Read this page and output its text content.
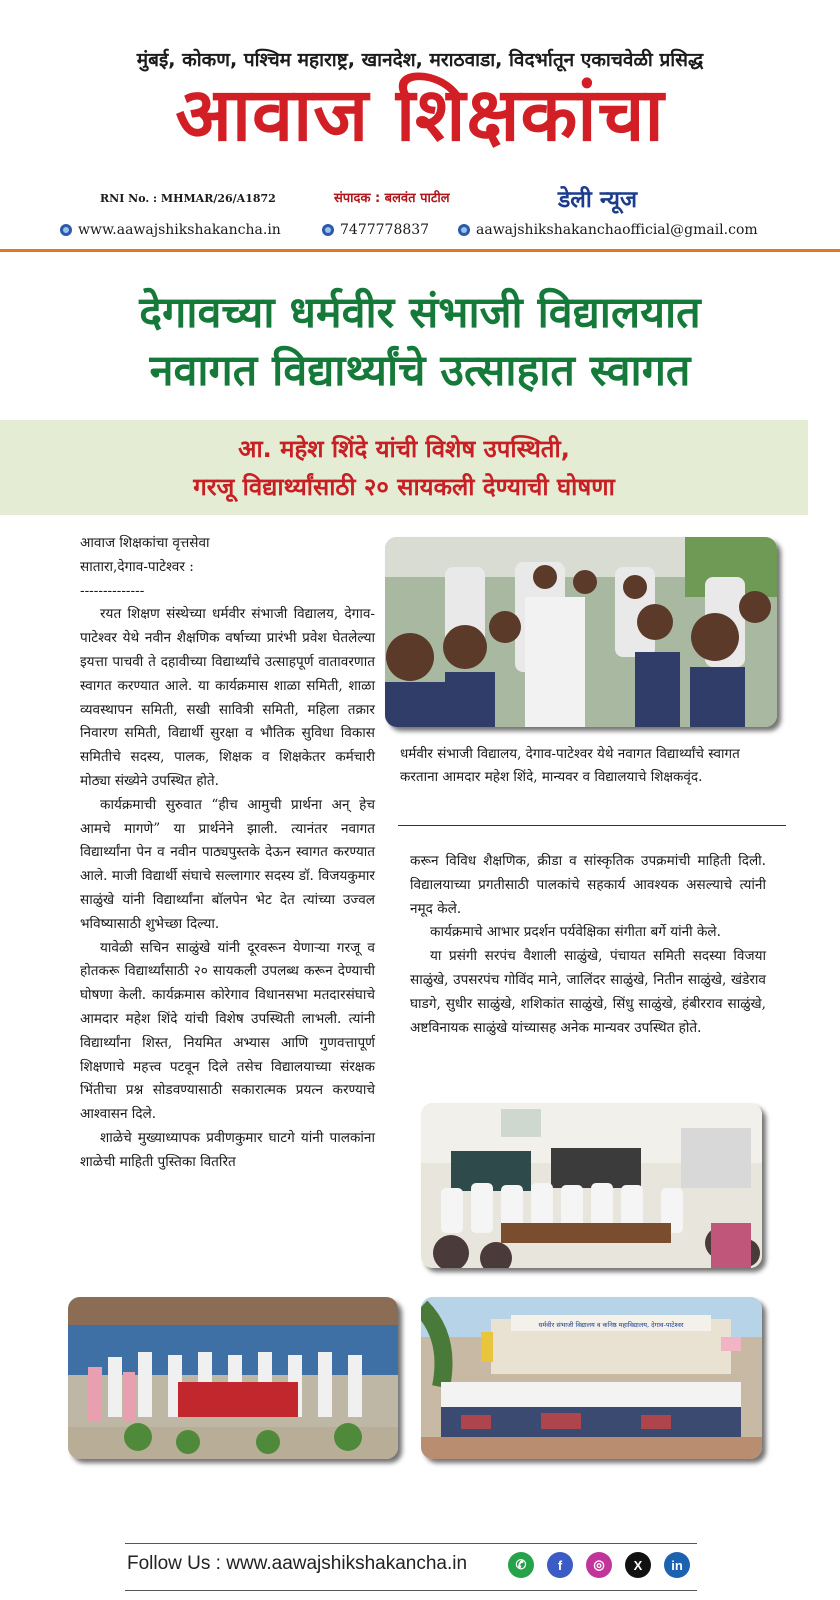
मुंबई, कोकण, पश्चिम महाराष्ट्र, खानदेश, मराठवाडा, विदर्भातून एकाचवेळी प्रसिद्ध
आवाज शिक्षकांचा
RNI No. : MHMAR/26/A1872	संपादक : बलवंत पाटील	डेली न्यूज
www.aawajshikshakancha.in	7477778837	aawajshikshakanchaofficial@gmail.com
देगावच्या धर्मवीर संभाजी विद्यालयात
नवागत विद्यार्थ्यांचे उत्साहात स्वागत
आ. महेश शिंदे यांची विशेष उपस्थिती,
गरजू विद्यार्थ्यांसाठी २० सायकली देण्याची घोषणा

आवाज शिक्षकांचा वृत्तसेवा

सातारा,देगाव-पाटेश्वर :

--------------

रयत शिक्षण संस्थेच्या धर्मवीर संभाजी विद्यालय, देगाव-पाटेश्वर येथे नवीन शैक्षणिक वर्षाच्या प्रारंभी प्रवेश घेतलेल्या इयत्ता पाचवी ते दहावीच्या विद्यार्थ्यांचे उत्साहपूर्ण वातावरणात स्वागत करण्यात आले. या कार्यक्रमास शाळा समिती, शाळा व्यवस्थापन समिती, सखी सावित्री समिती, महिला तक्रार निवारण समिती, विद्यार्थी सुरक्षा व भौतिक सुविधा विकास समितीचे सदस्य, पालक, शिक्षक व शिक्षकेतर कर्मचारी मोठ्या संख्येने उपस्थित होते.

कार्यक्रमाची सुरुवात “हीच आमुची प्रार्थना अन् हेच आमचे मागणे” या प्रार्थनेने झाली. त्यानंतर नवागत विद्यार्थ्यांना पेन व नवीन पाठ्यपुस्तके देऊन स्वागत करण्यात आले. माजी विद्यार्थी संघाचे सल्लागार सदस्य डॉ. विजयकुमार साळुंखे यांनी विद्यार्थ्यांना बॉलपेन भेट देत त्यांच्या उज्वल भविष्यासाठी शुभेच्छा दिल्या.

यावेळी सचिन साळुंखे यांनी दूरवरून येणाऱ्या गरजू व होतकरू विद्यार्थ्यांसाठी २० सायकली उपलब्ध करून देण्याची घोषणा केली. कार्यक्रमास कोरेगाव विधानसभा मतदारसंघाचे आमदार महेश शिंदे यांची विशेष उपस्थिती लाभली. त्यांनी विद्यार्थ्यांना शिस्त, नियमित अभ्यास आणि गुणवत्तापूर्ण शिक्षणाचे महत्त्व पटवून दिले तसेच विद्यालयाच्या संरक्षक भिंतीचा प्रश्न सोडवण्यासाठी सकारात्मक प्रयत्न करण्याचे आश्वासन दिले.

शाळेचे मुख्याध्यापक प्रवीणकुमार घाटगे यांनी पालकांना शाळेची माहिती पुस्तिका वितरित

धर्मवीर संभाजी विद्यालय, देगाव-पाटेश्वर येथे नवागत विद्यार्थ्यांचे स्वागत करताना आमदार महेश शिंदे, मान्यवर व विद्यालयाचे शिक्षकवृंद.

करून विविध शैक्षणिक, क्रीडा व सांस्कृतिक उपक्रमांची माहिती दिली. विद्यालयाच्या प्रगतीसाठी पालकांचे सहकार्य आवश्यक असल्याचे त्यांनी नमूद केले.

कार्यक्रमाचे आभार प्रदर्शन पर्यवेक्षिका संगीता बर्गे यांनी केले.

या प्रसंगी सरपंच वैशाली साळुंखे, पंचायत समिती सदस्या विजया साळुंखे, उपसरपंच गोविंद माने, जालिंदर साळुंखे, नितीन साळुंखे, खंडेराव घाडगे, सुधीर साळुंखे, शशिकांत साळुंखे, सिंधु साळुंखे, हंबीरराव साळुंखे, अष्टविनायक साळुंखे यांच्यासह अनेक मान्यवर उपस्थित होते.

धर्मवीर संभाजी विद्यालय व कनिष्ठ महाविद्यालय, देगाव-पाटेश्वर
Follow Us : www.aawajshikshakancha.in	✆	f	◎	X	in
